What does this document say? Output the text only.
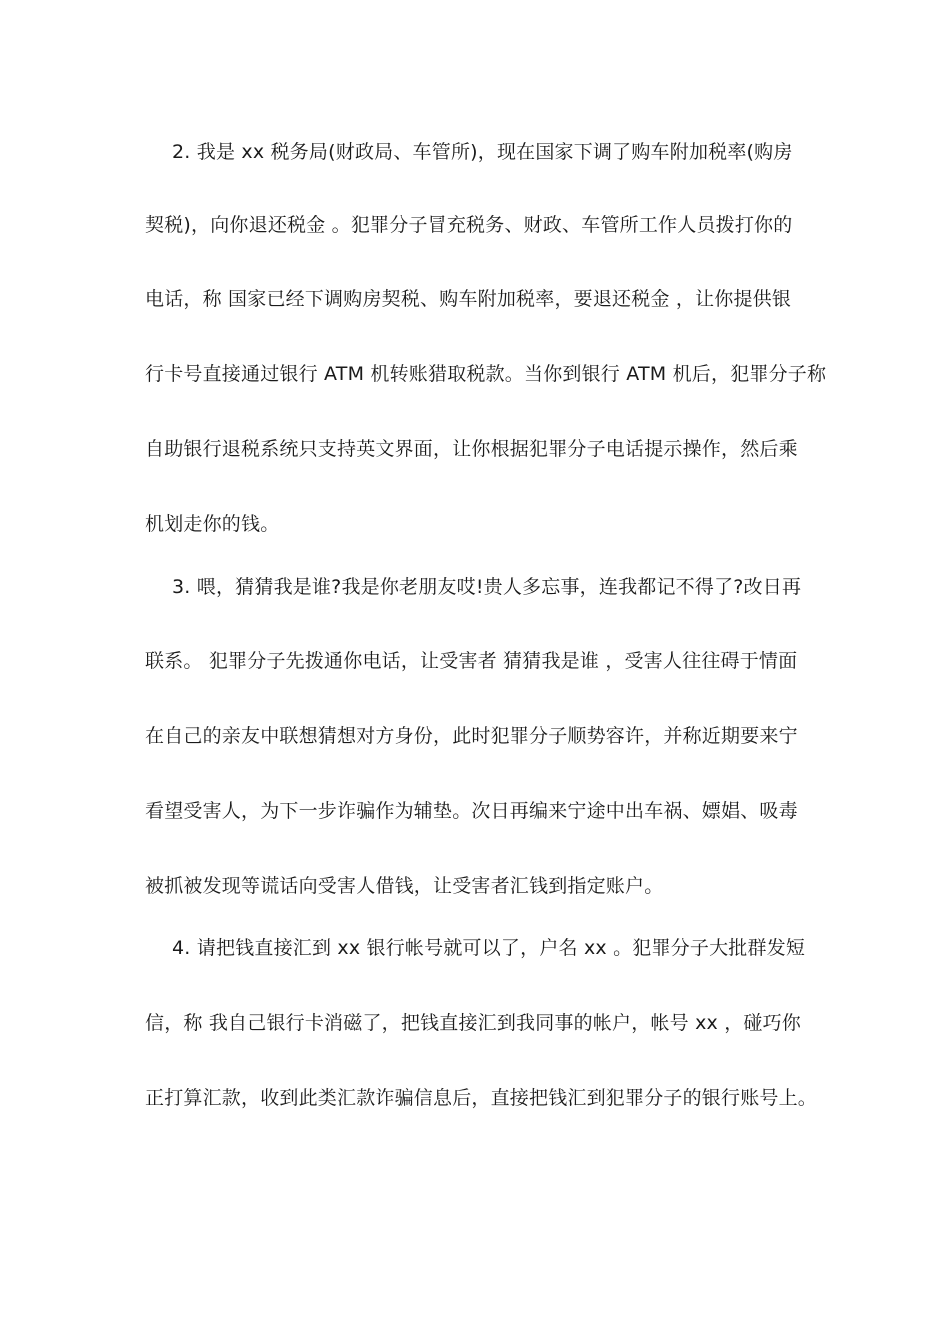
2. 我是 xx 税务局(财政局、车管所)，现在国家下调了购车附加税率(购房
契税)，向你退还税金 。犯罪分子冒充税务、财政、车管所工作人员拨打你的
电话，称 国家已经下调购房契税、购车附加税率，要退还税金 ，让你提供银
行卡号直接通过银行 ATM 机转账猎取税款。当你到银行 ATM 机后，犯罪分子称
自助银行退税系统只支持英文界面，让你根据犯罪分子电话提示操作，然后乘
机划走你的钱。
3. 喂，猜猜我是谁?我是你老朋友哎!贵人多忘事，连我都记不得了?改日再
联系。 犯罪分子先拨通你电话，让受害者 猜猜我是谁 ，受害人往往碍于情面
在自己的亲友中联想猜想对方身份，此时犯罪分子顺势容许，并称近期要来宁
看望受害人，为下一步诈骗作为辅垫。次日再编来宁途中出车祸、嫖娼、吸毒
被抓被发现等谎话向受害人借钱，让受害者汇钱到指定账户。
4. 请把钱直接汇到 xx 银行帐号就可以了，户名 xx 。犯罪分子大批群发短
信，称 我自己银行卡消磁了，把钱直接汇到我同事的帐户，帐号 xx ，碰巧你
正打算汇款，收到此类汇款诈骗信息后，直接把钱汇到犯罪分子的银行账号上。
